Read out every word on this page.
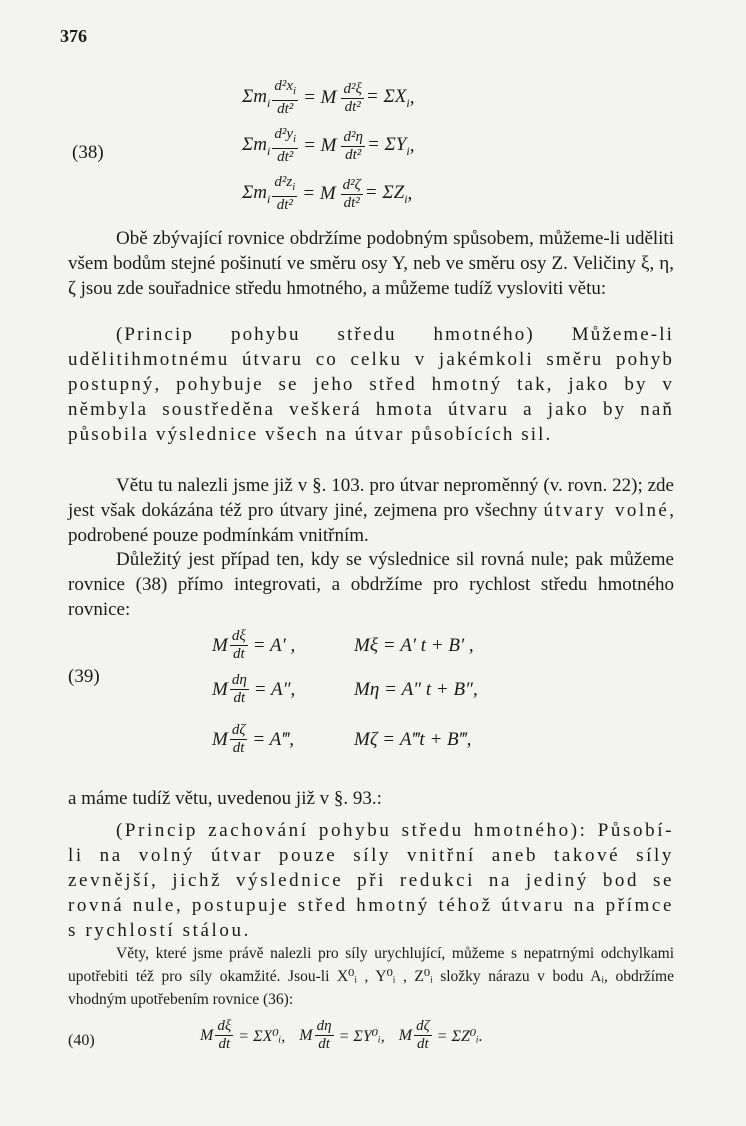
376
(38)
$\Sigma m_i \frac{d^2x_i}{\text{dt²}} = M \frac{\text{d²ξ}}{\text{dt²}} = \Sigma X_i$ ,
$\Sigma m_i \frac{d^2y_i}{\text{dt²}} = M \frac{\text{d²η}}{\text{dt²}} = \Sigma Y_i$ ,
$\Sigma m_i \frac{d^2z_i}{\text{dt²}} = M \frac{\text{d²ζ}}{\text{dt²}} = \Sigma Z_i$ ,

Obě zbývající rovnice obdržíme podobným spůsobem, můžeme-li uděliti všem bodům stejné pošinutí ve směru osy Y, neb ve směru osy Z. Veličiny ξ, η, ζ jsou zde souřadnice středu hmotného, a můžeme tudíž vysloviti větu:

(Princip pohybu středu hmotného) Můžeme-li udělitihmotnému útvaru co celku v jakémkoli směru pohyb postupný, pohybuje se jeho střed hmotný tak, jako by v němbyla soustředěna veškerá hmota útvaru a jako by naň působila výslednice všech na útvar působících sil.

Větu tu nalezli jsme již v §. 103. pro útvar neproměnný (v. rovn. 22); zde jest však dokázána též pro útvary jiné, zejmena pro všechny útvary volné, podrobené pouze podmínkám vnitřním.

Důležitý jest případ ten, kdy se výslednice sil rovná nule; pak můžeme rovnice (38) přímo integrovati, a obdržíme pro rychlost středu hmotného rovnice:

(39)
M $\frac{d\xi}{dt} = A'$ ,	Mξ = A′ t + B′ ,
M $\frac{d\eta}{dt} = A''$,	Mη = A″ t + B″,
M $\frac{d\zeta}{dt}$ = A‴,	Mζ = A‴t + B‴,

a máme tudíž větu, uvedenou již v §. 93.:

(Princip zachování pohybu středu hmotného): Působí-li na volný útvar pouze síly vnitřní aneb takové síly zevnější, jichž výslednice při redukci na jediný bod se rovná nule, postupuje střed hmotný téhož útvaru na přímce s rychlostí stálou.

Věty, které jsme právě nalezli pro síly urychlující, můžeme s nepatrnými odchylkami upotřebiti též pro síly okamžité. Jsou-li X⁰ᵢ , Y⁰ᵢ , Z⁰ᵢ složky nárazu v bodu Aᵢ, obdržíme vhodným upotřebením rovnice (36):

(40)	M $\frac{d\xi}{dt}$ = ΣX⁰ᵢ, M $\frac{d\eta}{dt}$ = ΣY⁰ᵢ, M $\frac{d\zeta}{dt}$ = ΣZ⁰ᵢ.
